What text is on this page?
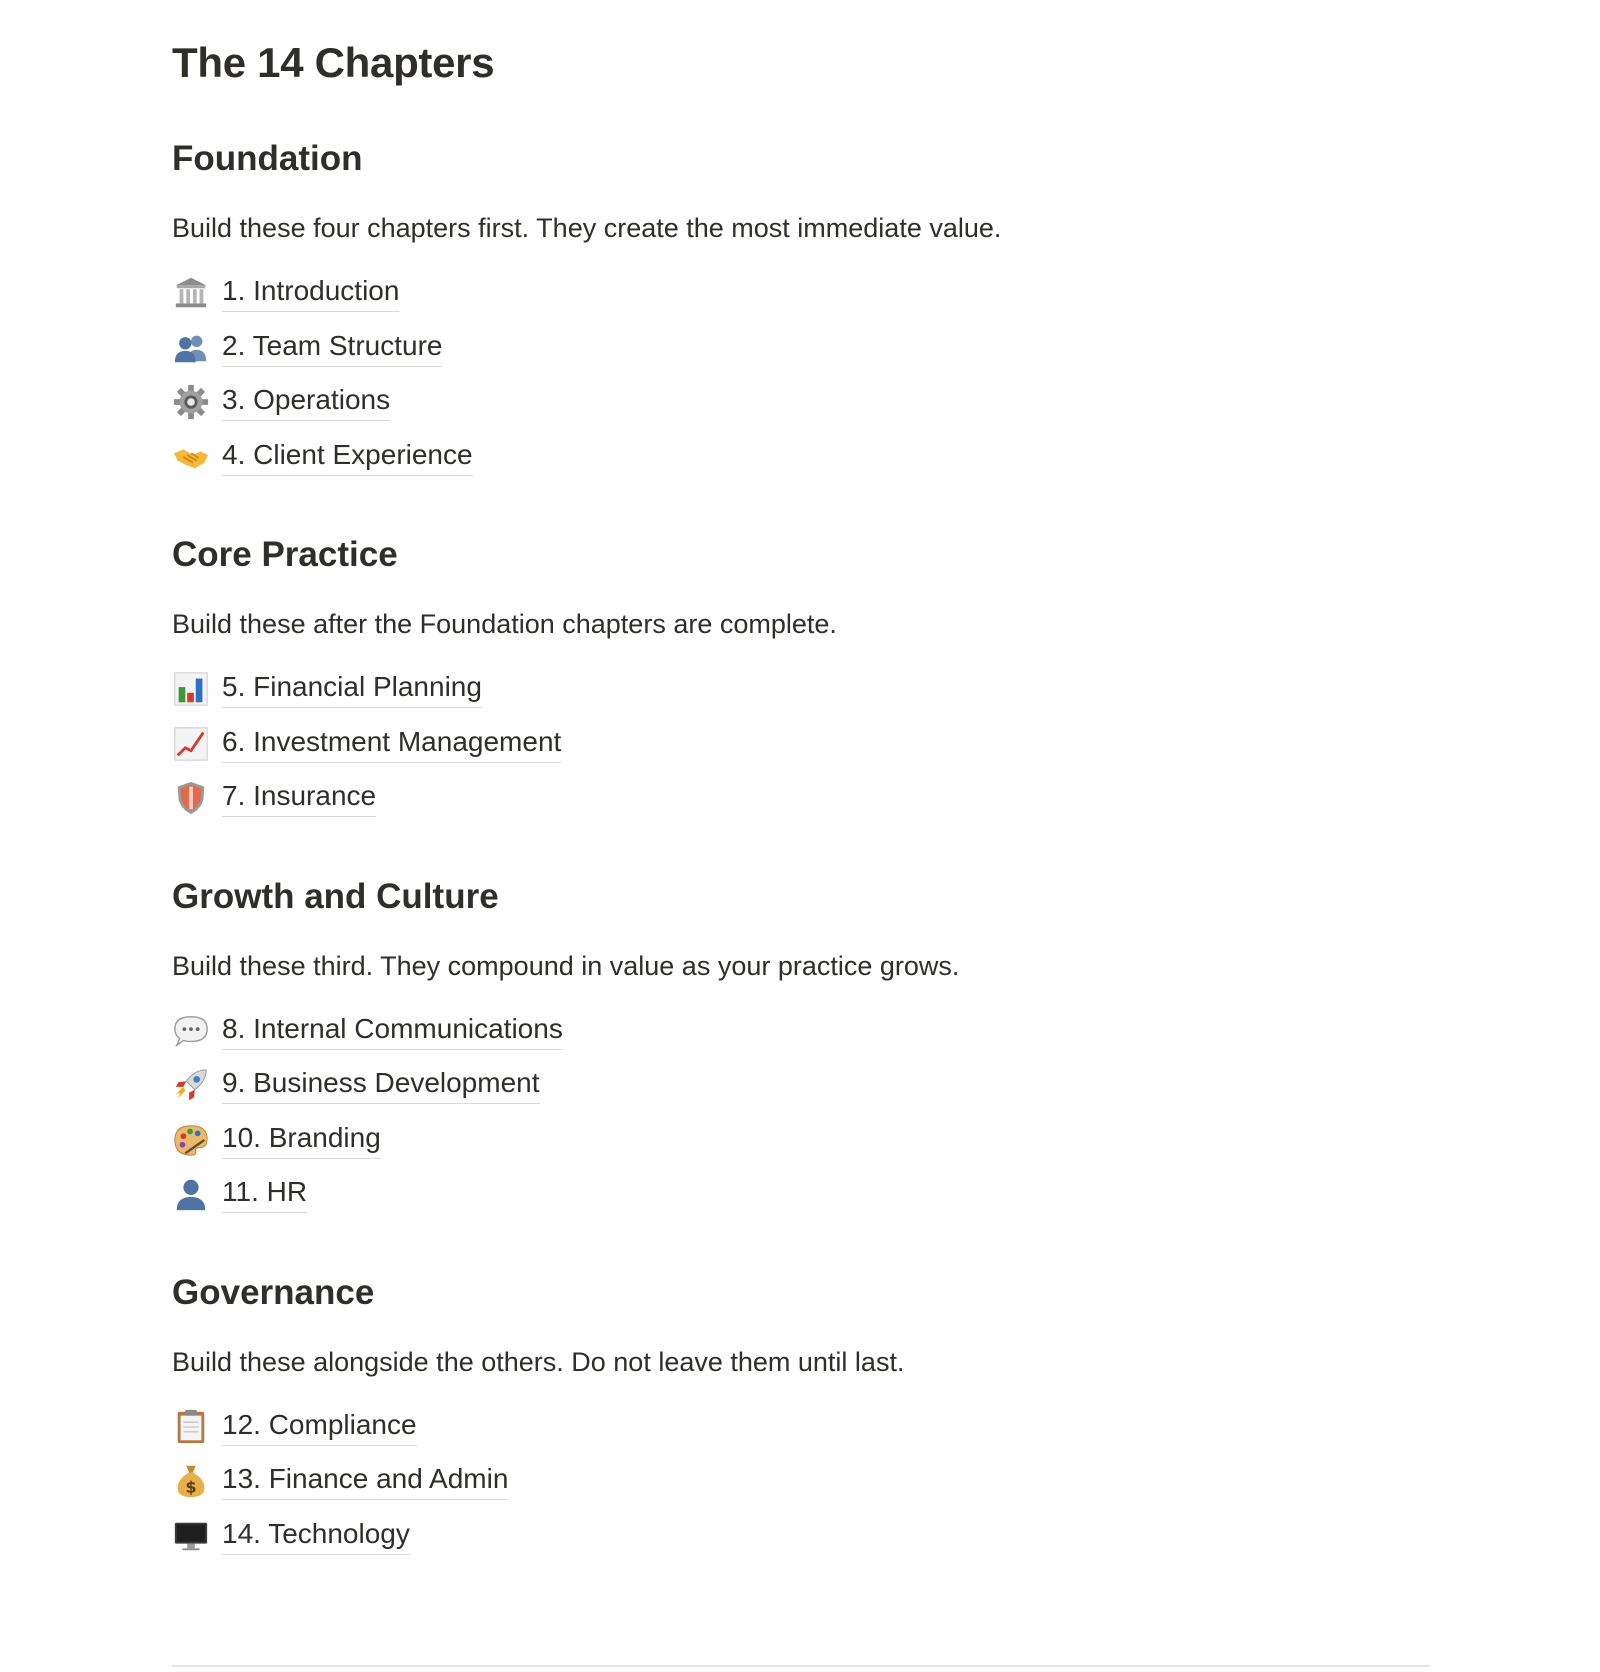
The 14 Chapters
Foundation

Build these four chapters first. They create the most immediate value.

1. Introduction
2. Team Structure
3. Operations
4. Client Experience
Core Practice

Build these after the Foundation chapters are complete.

5. Financial Planning
6. Investment Management
7. Insurance
Growth and Culture

Build these third. They compound in value as your practice grows.

8. Internal Communications
9. Business Development
10. Branding
11. HR
Governance

Build these alongside the others. Do not leave them until last.

12. Compliance
$ 13. Finance and Admin
14. Technology
